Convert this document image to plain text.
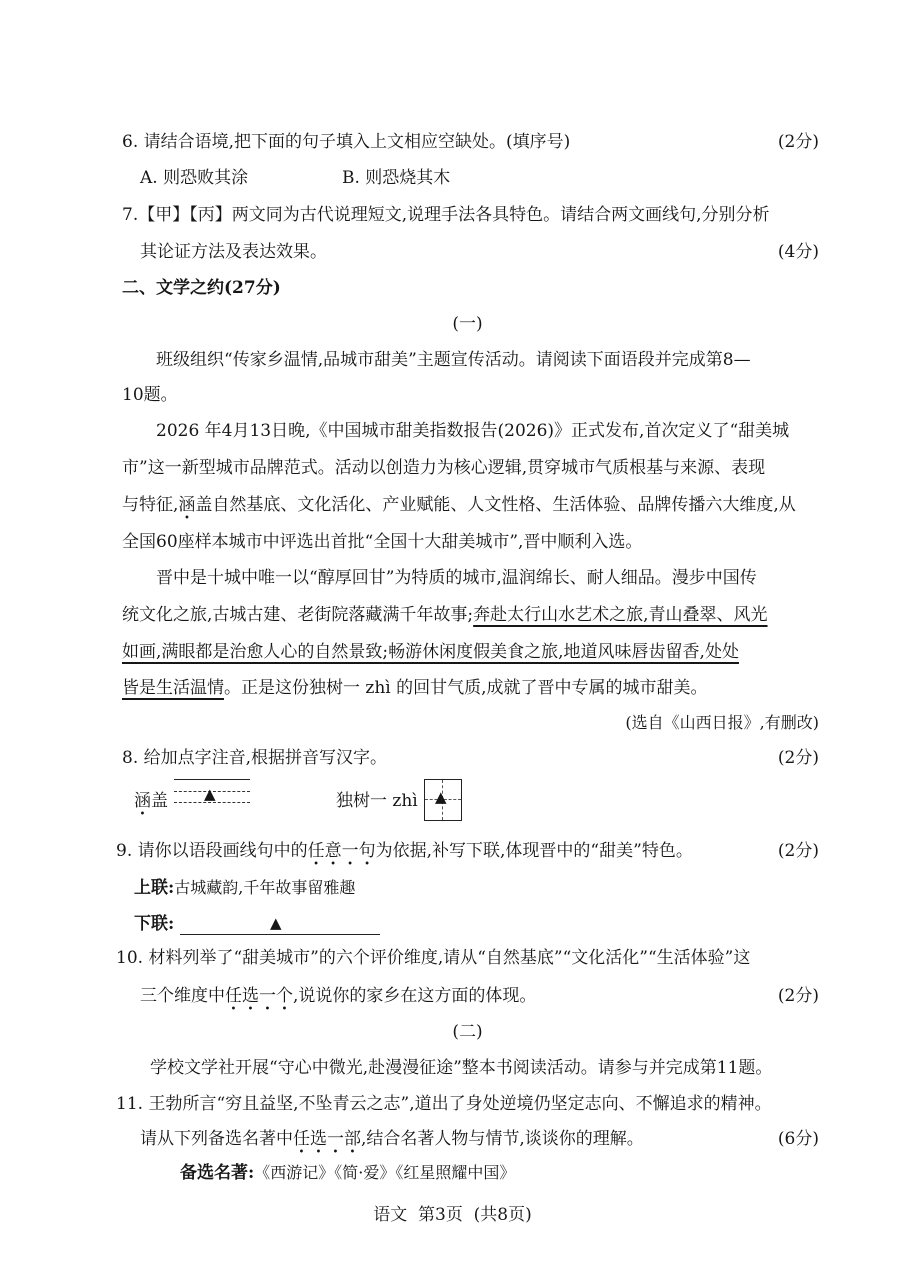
6. 请结合语境,把下面的句子填入上文相应空缺处。(填序号)	(2分)
A. 则恐败其涂	B. 则恐烧其木
7.【甲】【丙】两文同为古代说理短文,说理手法各具特色。请结合两文画线句,分别分析
其论证方法及表达效果。	(4分)
二、文学之约(27分)
(一)
班级组织“传家乡温情,品城市甜美”主题宣传活动。请阅读下面语段并完成第8—
10题。
2026 年4月13日晚,《中国城市甜美指数报告(2026)》正式发布,首次定义了“甜美城
市”这一新型城市品牌范式。活动以创造力为核心逻辑,贯穿城市气质根基与来源、表现
与特征,涵盖自然基底、文化活化、产业赋能、人文性格、生活体验、品牌传播六大维度,从
全国60座样本城市中评选出首批“全国十大甜美城市”,晋中顺利入选。
晋中是十城中唯一以“醇厚回甘”为特质的城市,温润绵长、耐人细品。漫步中国传
统文化之旅,古城古建、老街院落藏满千年故事;奔赴太行山水艺术之旅,青山叠翠、风光
如画,满眼都是治愈人心的自然景致;畅游休闲度假美食之旅,地道风味唇齿留香,处处
皆是生活温情。正是这份独树一 zhì 的回甘气质,成就了晋中专属的城市甜美。
(选自《山西日报》,有删改)
8. 给加点字注音,根据拼音写汉字。	(2分)
涵盖 ▲	独树一 zhì ▲
9. 请你以语段画线句中的任意一句为依据,补写下联,体现晋中的“甜美”特色。	(2分)
上联:古城藏韵,千年故事留雅趣
下联:	▲
10. 材料列举了“甜美城市”的六个评价维度,请从“自然基底”“文化活化”“生活体验”这
三个维度中任选一个,说说你的家乡在这方面的体现。	(2分)
(二)
学校文学社开展“守心中微光,赴漫漫征途”整本书阅读活动。请参与并完成第11题。
11. 王勃所言“穷且益坚,不坠青云之志”,道出了身处逆境仍坚定志向、不懈追求的精神。
请从下列备选名著中任选一部,结合名著人物与情节,谈谈你的理解。	(6分)
备选名著:《西游记》《简·爱》《红星照耀中国》
语文  第3页  (共8页)
